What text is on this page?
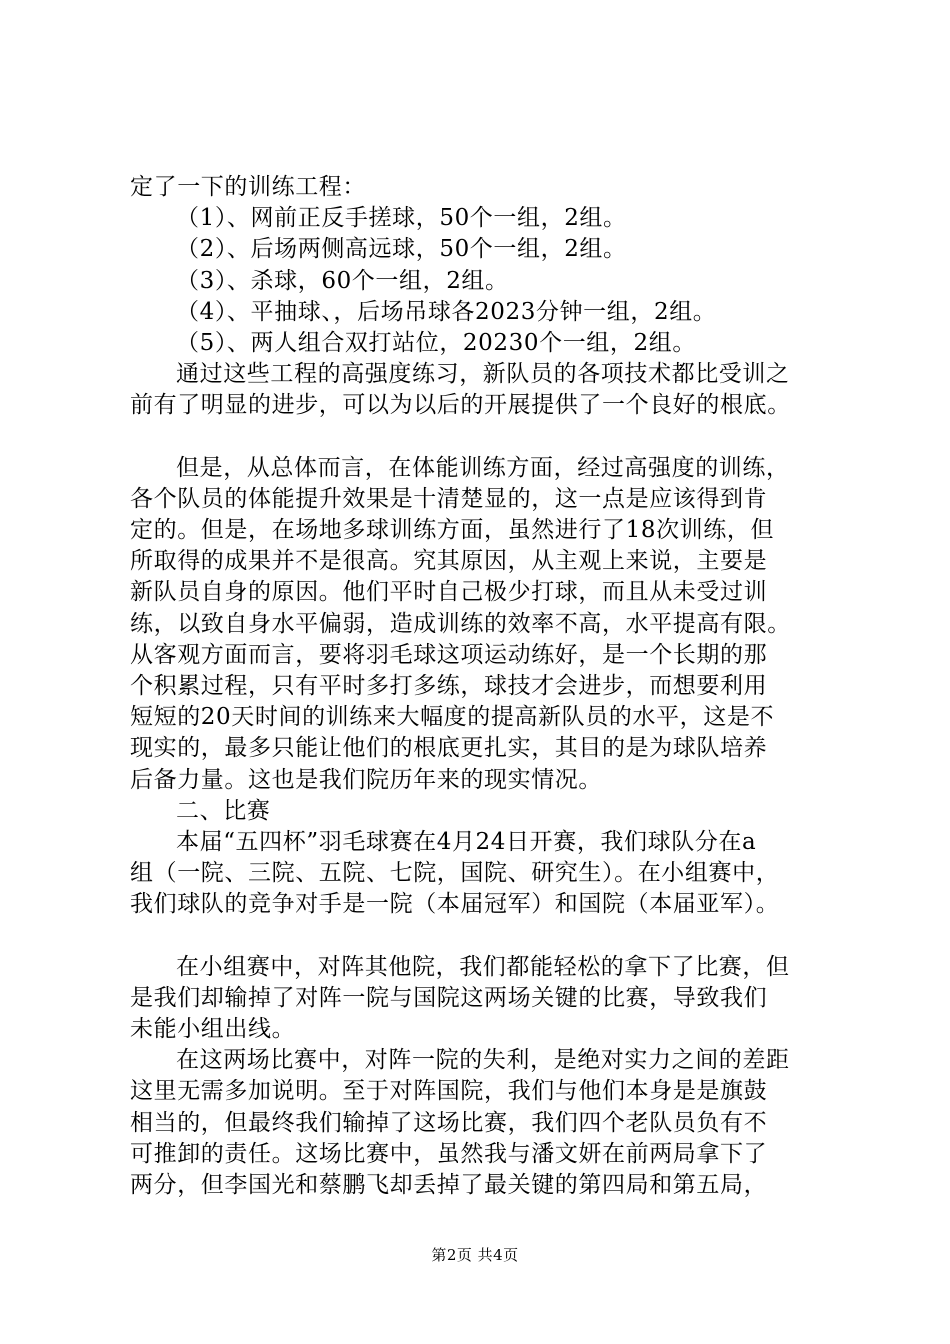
定了一下的训练工程：
（1）、网前正反手搓球，50个一组，2组。
（2）、后场两侧高远球，50个一组，2组。
（3）、杀球，60个一组，2组。
（4）、平抽球、，后场吊球各2023分钟一组，2组。
（5）、两人组合双打站位，20230个一组，2组。
通过这些工程的高强度练习，新队员的各项技术都比受训之
前有了明显的进步，可以为以后的开展提供了一个良好的根底。
但是，从总体而言，在体能训练方面，经过高强度的训练，
各个队员的体能提升效果是十清楚显的，这一点是应该得到肯
定的。但是，在场地多球训练方面，虽然进行了18次训练，但
所取得的成果并不是很高。究其原因，从主观上来说，主要是
新队员自身的原因。他们平时自己极少打球，而且从未受过训
练，以致自身水平偏弱，造成训练的效率不高，水平提高有限。
从客观方面而言，要将羽毛球这项运动练好，是一个长期的那
个积累过程，只有平时多打多练，球技才会进步，而想要利用
短短的20天时间的训练来大幅度的提高新队员的水平，这是不
现实的，最多只能让他们的根底更扎实，其目的是为球队培养
后备力量。这也是我们院历年来的现实情况。
二、比赛
本届“五四杯”羽毛球赛在4月24日开赛，我们球队分在a
组（一院、三院、五院、七院，国院、研究生）。在小组赛中，
我们球队的竞争对手是一院（本届冠军）和国院（本届亚军）。
在小组赛中，对阵其他院，我们都能轻松的拿下了比赛，但
是我们却输掉了对阵一院与国院这两场关键的比赛，导致我们
未能小组出线。
在这两场比赛中，对阵一院的失利，是绝对实力之间的差距
这里无需多加说明。至于对阵国院，我们与他们本身是是旗鼓
相当的，但最终我们输掉了这场比赛，我们四个老队员负有不
可推卸的责任。这场比赛中，虽然我与潘文妍在前两局拿下了
两分，但李国光和蔡鹏飞却丢掉了最关键的第四局和第五局，
第2页 共4页
